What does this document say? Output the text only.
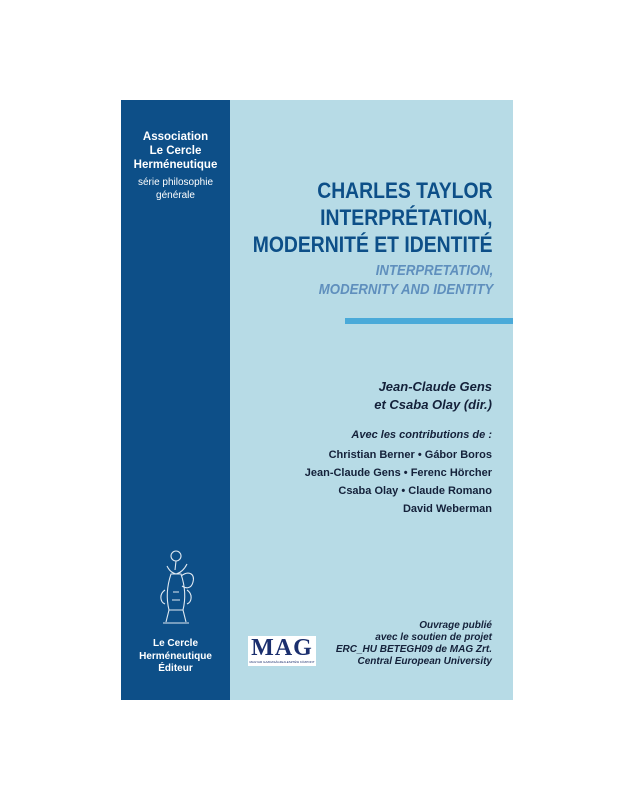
Association
Le Cercle
Herméneutique
série philosophie
générale
Le Cercle
Herméneutique
Éditeur
CHARLES TAYLOR
INTERPRÉTATION,
MODERNITÉ ET IDENTITÉ
INTERPRETATION,
MODERNITY AND IDENTITY
Jean-Claude Gens
et Csaba Olay (dir.)
Avec les contributions de :
Christian Berner • Gábor Boros
Jean-Claude Gens • Ferenc Hörcher
Csaba Olay • Claude Romano
David Weberman
MAG
MAGYAR GAZDASÁGFEJLESZTÉSI KÖZPONT
Ouvrage publié
avec le soutien de projet
ERC_HU BETEGH09 de MAG Zrt.
Central European University
